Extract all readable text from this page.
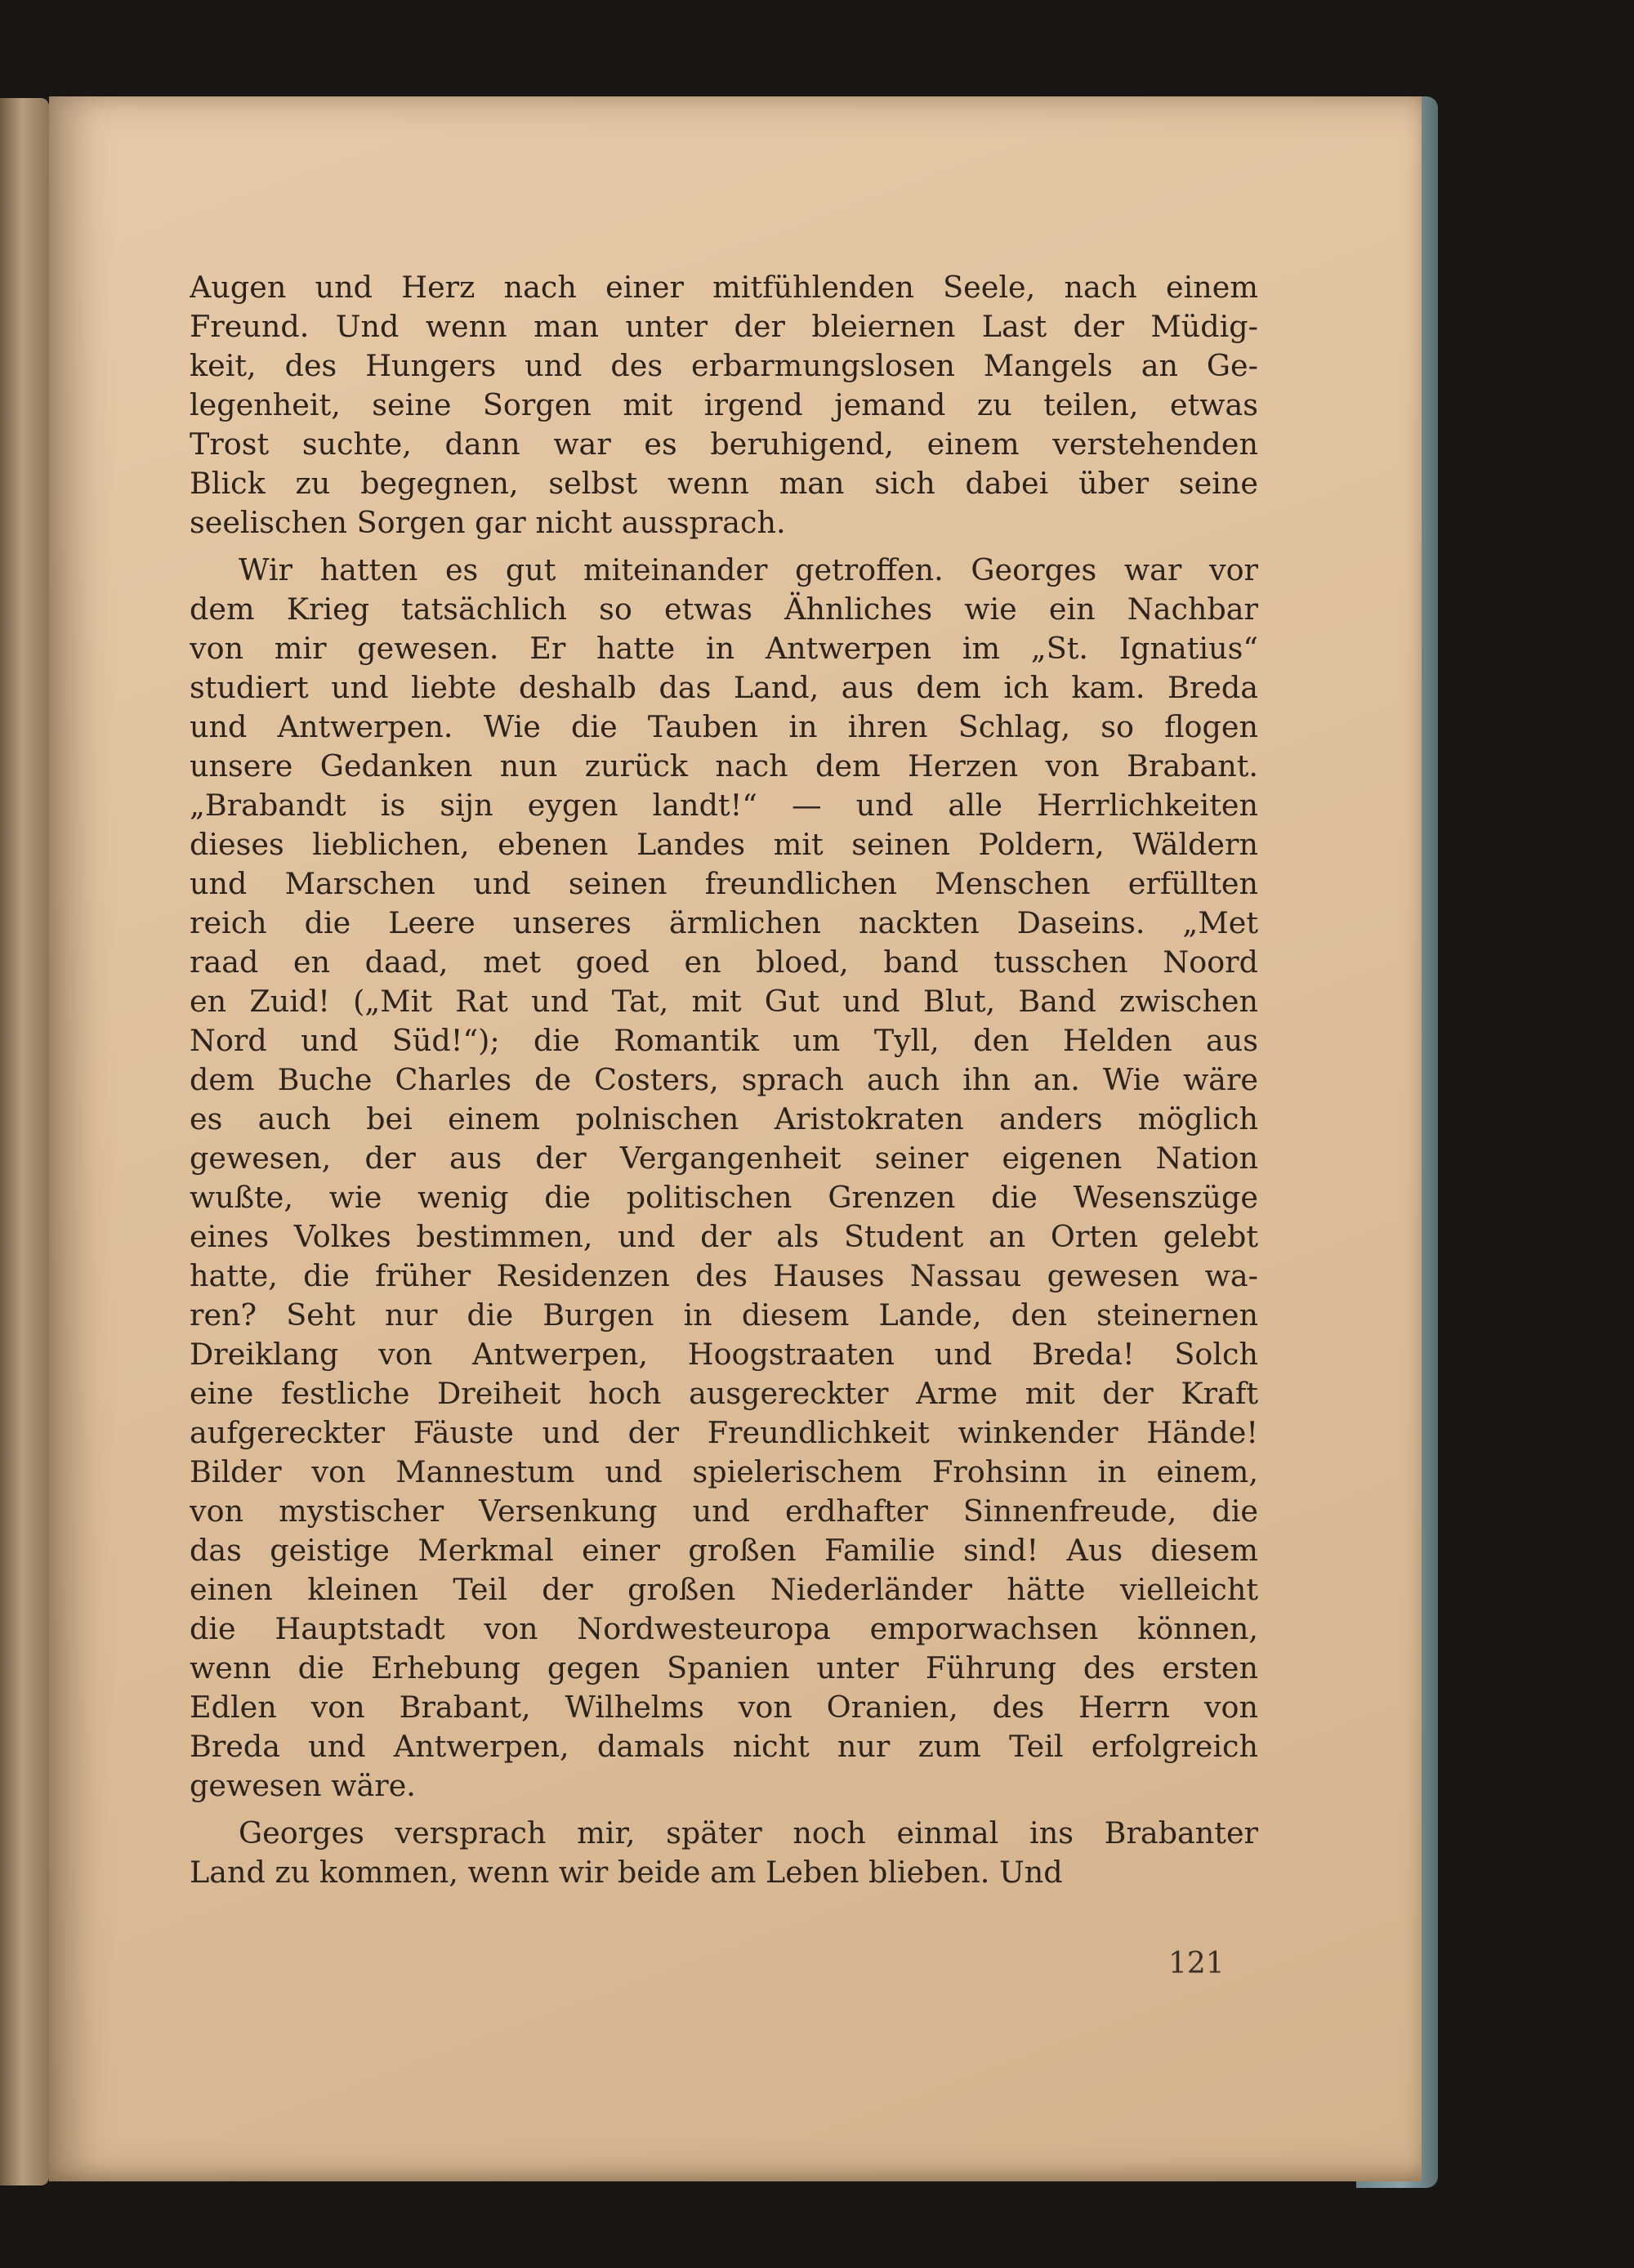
Augen und Herz nach einer mitfühlenden Seele, nach einem
Freund. Und wenn man unter der bleiernen Last der Müdig-
keit, des Hungers und des erbarmungslosen Mangels an Ge-
legenheit, seine Sorgen mit irgend jemand zu teilen, etwas
Trost suchte, dann war es beruhigend, einem verstehenden
Blick zu begegnen, selbst wenn man sich dabei über seine
seelischen Sorgen gar nicht aussprach.
Wir hatten es gut miteinander getroffen. Georges war vor
dem Krieg tatsächlich so etwas Ähnliches wie ein Nachbar
von mir gewesen. Er hatte in Antwerpen im „St. Ignatius“
studiert und liebte deshalb das Land, aus dem ich kam. Breda
und Antwerpen. Wie die Tauben in ihren Schlag, so flogen
unsere Gedanken nun zurück nach dem Herzen von Brabant.
„Brabandt is sijn eygen landt!“ — und alle Herrlichkeiten
dieses lieblichen, ebenen Landes mit seinen Poldern, Wäldern
und Marschen und seinen freundlichen Menschen erfüllten
reich die Leere unseres ärmlichen nackten Daseins. „Met
raad en daad, met goed en bloed, band tusschen Noord
en Zuid! („Mit Rat und Tat, mit Gut und Blut, Band zwischen
Nord und Süd!“); die Romantik um Tyll, den Helden aus
dem Buche Charles de Costers, sprach auch ihn an. Wie wäre
es auch bei einem polnischen Aristokraten anders möglich
gewesen, der aus der Vergangenheit seiner eigenen Nation
wußte, wie wenig die politischen Grenzen die Wesenszüge
eines Volkes bestimmen, und der als Student an Orten gelebt
hatte, die früher Residenzen des Hauses Nassau gewesen wa-
ren? Seht nur die Burgen in diesem Lande, den steinernen
Dreiklang von Antwerpen, Hoogstraaten und Breda! Solch
eine festliche Dreiheit hoch ausgereckter Arme mit der Kraft
aufgereckter Fäuste und der Freundlichkeit winkender Hände!
Bilder von Mannestum und spielerischem Frohsinn in einem,
von mystischer Versenkung und erdhafter Sinnenfreude, die
das geistige Merkmal einer großen Familie sind! Aus diesem
einen kleinen Teil der großen Niederländer hätte vielleicht
die Hauptstadt von Nordwesteuropa emporwachsen können,
wenn die Erhebung gegen Spanien unter Führung des ersten
Edlen von Brabant, Wilhelms von Oranien, des Herrn von
Breda und Antwerpen, damals nicht nur zum Teil erfolgreich
gewesen wäre.
Georges versprach mir, später noch einmal ins Brabanter
Land zu kommen, wenn wir beide am Leben blieben. Und
121
